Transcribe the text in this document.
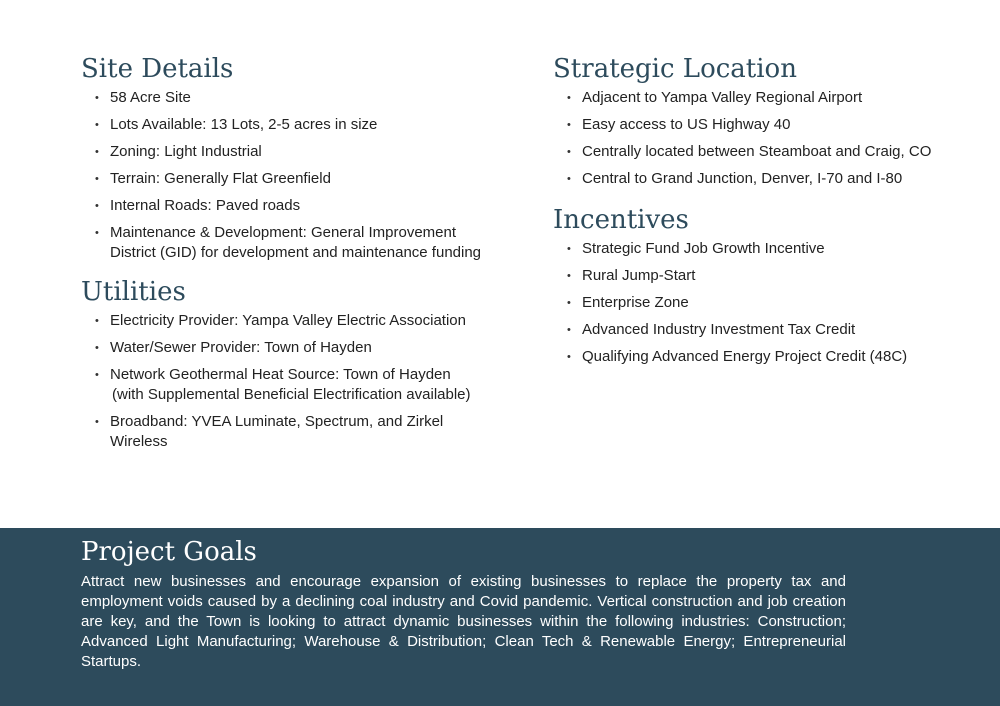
Site Details
• 58 Acre Site
• Lots Available: 13 Lots, 2-5 acres in size
• Zoning: Light Industrial
• Terrain: Generally Flat Greenfield
• Internal Roads: Paved roads
• Maintenance & Development: General Improvement District (GID) for development and maintenance funding
Utilities
• Electricity Provider: Yampa Valley Electric Association
• Water/Sewer Provider: Town of Hayden
• Network Geothermal Heat Source: Town of Hayden
(with Supplemental Beneficial Electrification available)
• Broadband: YVEA Luminate, Spectrum, and Zirkel Wireless
Strategic Location
• Adjacent to Yampa Valley Regional Airport
• Easy access to US Highway 40
• Centrally located between Steamboat and Craig, CO
• Central to Grand Junction, Denver, I-70 and I-80
Incentives
• Strategic Fund Job Growth Incentive
• Rural Jump-Start
• Enterprise Zone
• Advanced Industry Investment Tax Credit
• Qualifying Advanced Energy Project Credit (48C)
Project Goals

Attract new businesses and encourage expansion of existing businesses to replace the property tax and employment voids caused by a declining coal industry and Covid pandemic. Vertical construction and job creation are key, and the Town is looking to attract dynamic businesses within the following industries: Construction; Advanced Light Manufacturing; Warehouse & Distribution; Clean Tech & Renewable Energy; Entrepreneurial Startups.
